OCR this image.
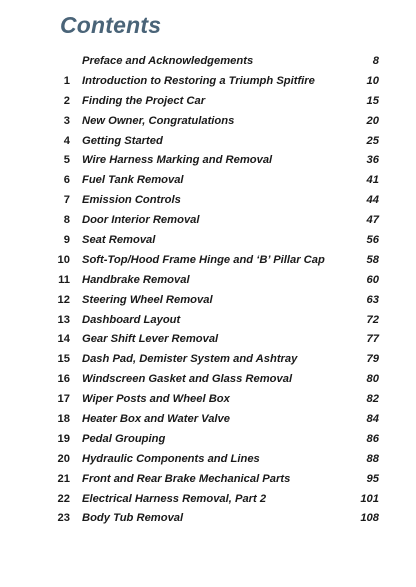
Contents
Preface and Acknowledgements	8
1 Introduction to Restoring a Triumph Spitfire	10
2 Finding the Project Car	15
3 New Owner, Congratulations	20
4 Getting Started	25
5 Wire Harness Marking and Removal	36
6 Fuel Tank Removal	41
7 Emission Controls	44
8 Door Interior Removal	47
9 Seat Removal	56
10 Soft-Top/Hood Frame Hinge and ‘B’ Pillar Cap	58
11 Handbrake Removal	60
12 Steering Wheel Removal	63
13 Dashboard Layout	72
14 Gear Shift Lever Removal	77
15 Dash Pad, Demister System and Ashtray	79
16 Windscreen Gasket and Glass Removal	80
17 Wiper Posts and Wheel Box	82
18 Heater Box and Water Valve	84
19 Pedal Grouping	86
20 Hydraulic Components and Lines	88
21 Front and Rear Brake Mechanical Parts	95
22 Electrical Harness Removal, Part 2	101
23 Body Tub Removal	108
